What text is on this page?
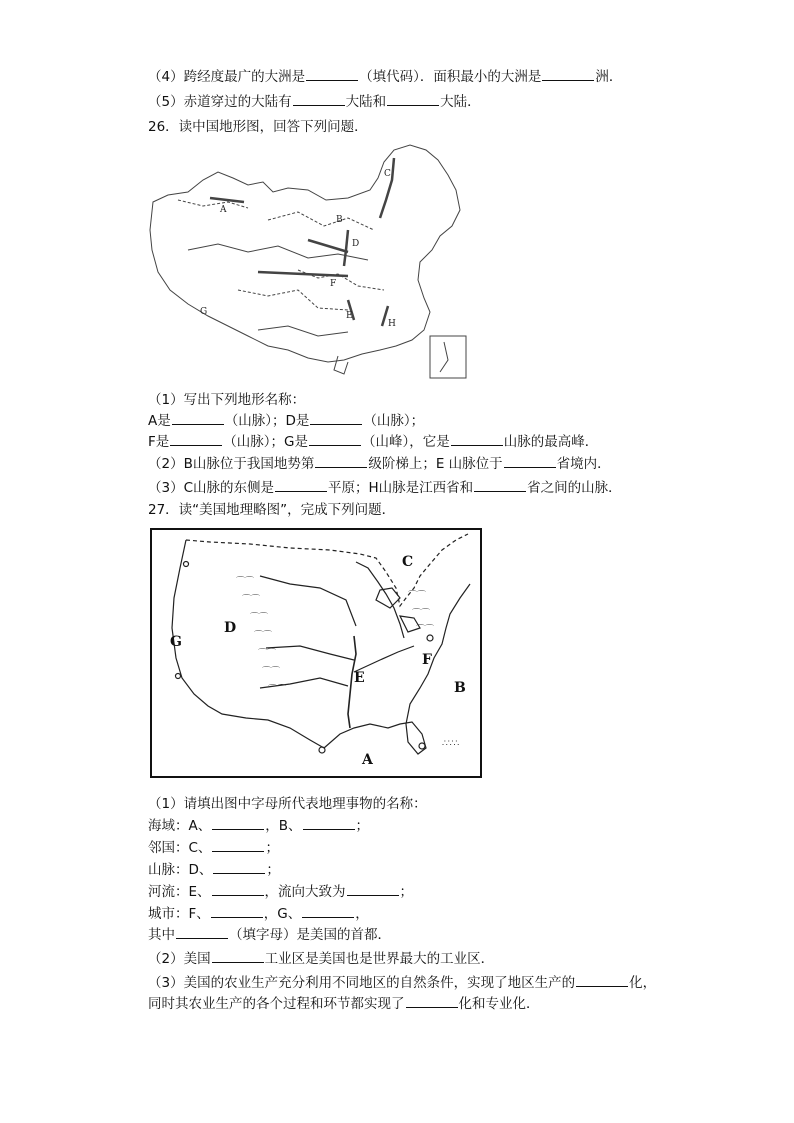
（4）跨经度最广的大洲是	（填代码）．面积最小的大洲是	洲．
（5）赤道穿过的大陆有	大陆和	大陆．
26．读中国地形图，回答下列问题．
A
B
C
D
F
E
G
H
（1）写出下列地形名称：
A是	（山脉）；D是	（山脉）；
F是	（山脉）；G是	（山峰），它是	山脉的最高峰．
（2）B山脉位于我国地势第	级阶梯上；E 山脉位于	省境内．
（3）C山脉的东侧是	平原；H山脉是江西省和	省之间的山脉．
27．读“美国地理略图”，完成下列问题．
⌒⌒
⌒⌒
⌒⌒
⌒⌒
⌒⌒
⌒⌒
⌒⌒
⌒⌒
⌒⌒
⌒⌒
∴∵∴
C
D
G
F
E
B
A
（1）请填出图中字母所代表地理事物的名称：
海域：A、	，B、	；
邻国：C、	；
山脉：D、	；
河流：E、	，流向大致为	；
城市：F、	，G、	，
其中	（填字母）是美国的首都．
（2）美国	工业区是美国也是世界最大的工业区．
（3）美国的农业生产充分利用不同地区的自然条件，实现了地区生产的	化，
同时其农业生产的各个过程和环节都实现了	化和专业化．
